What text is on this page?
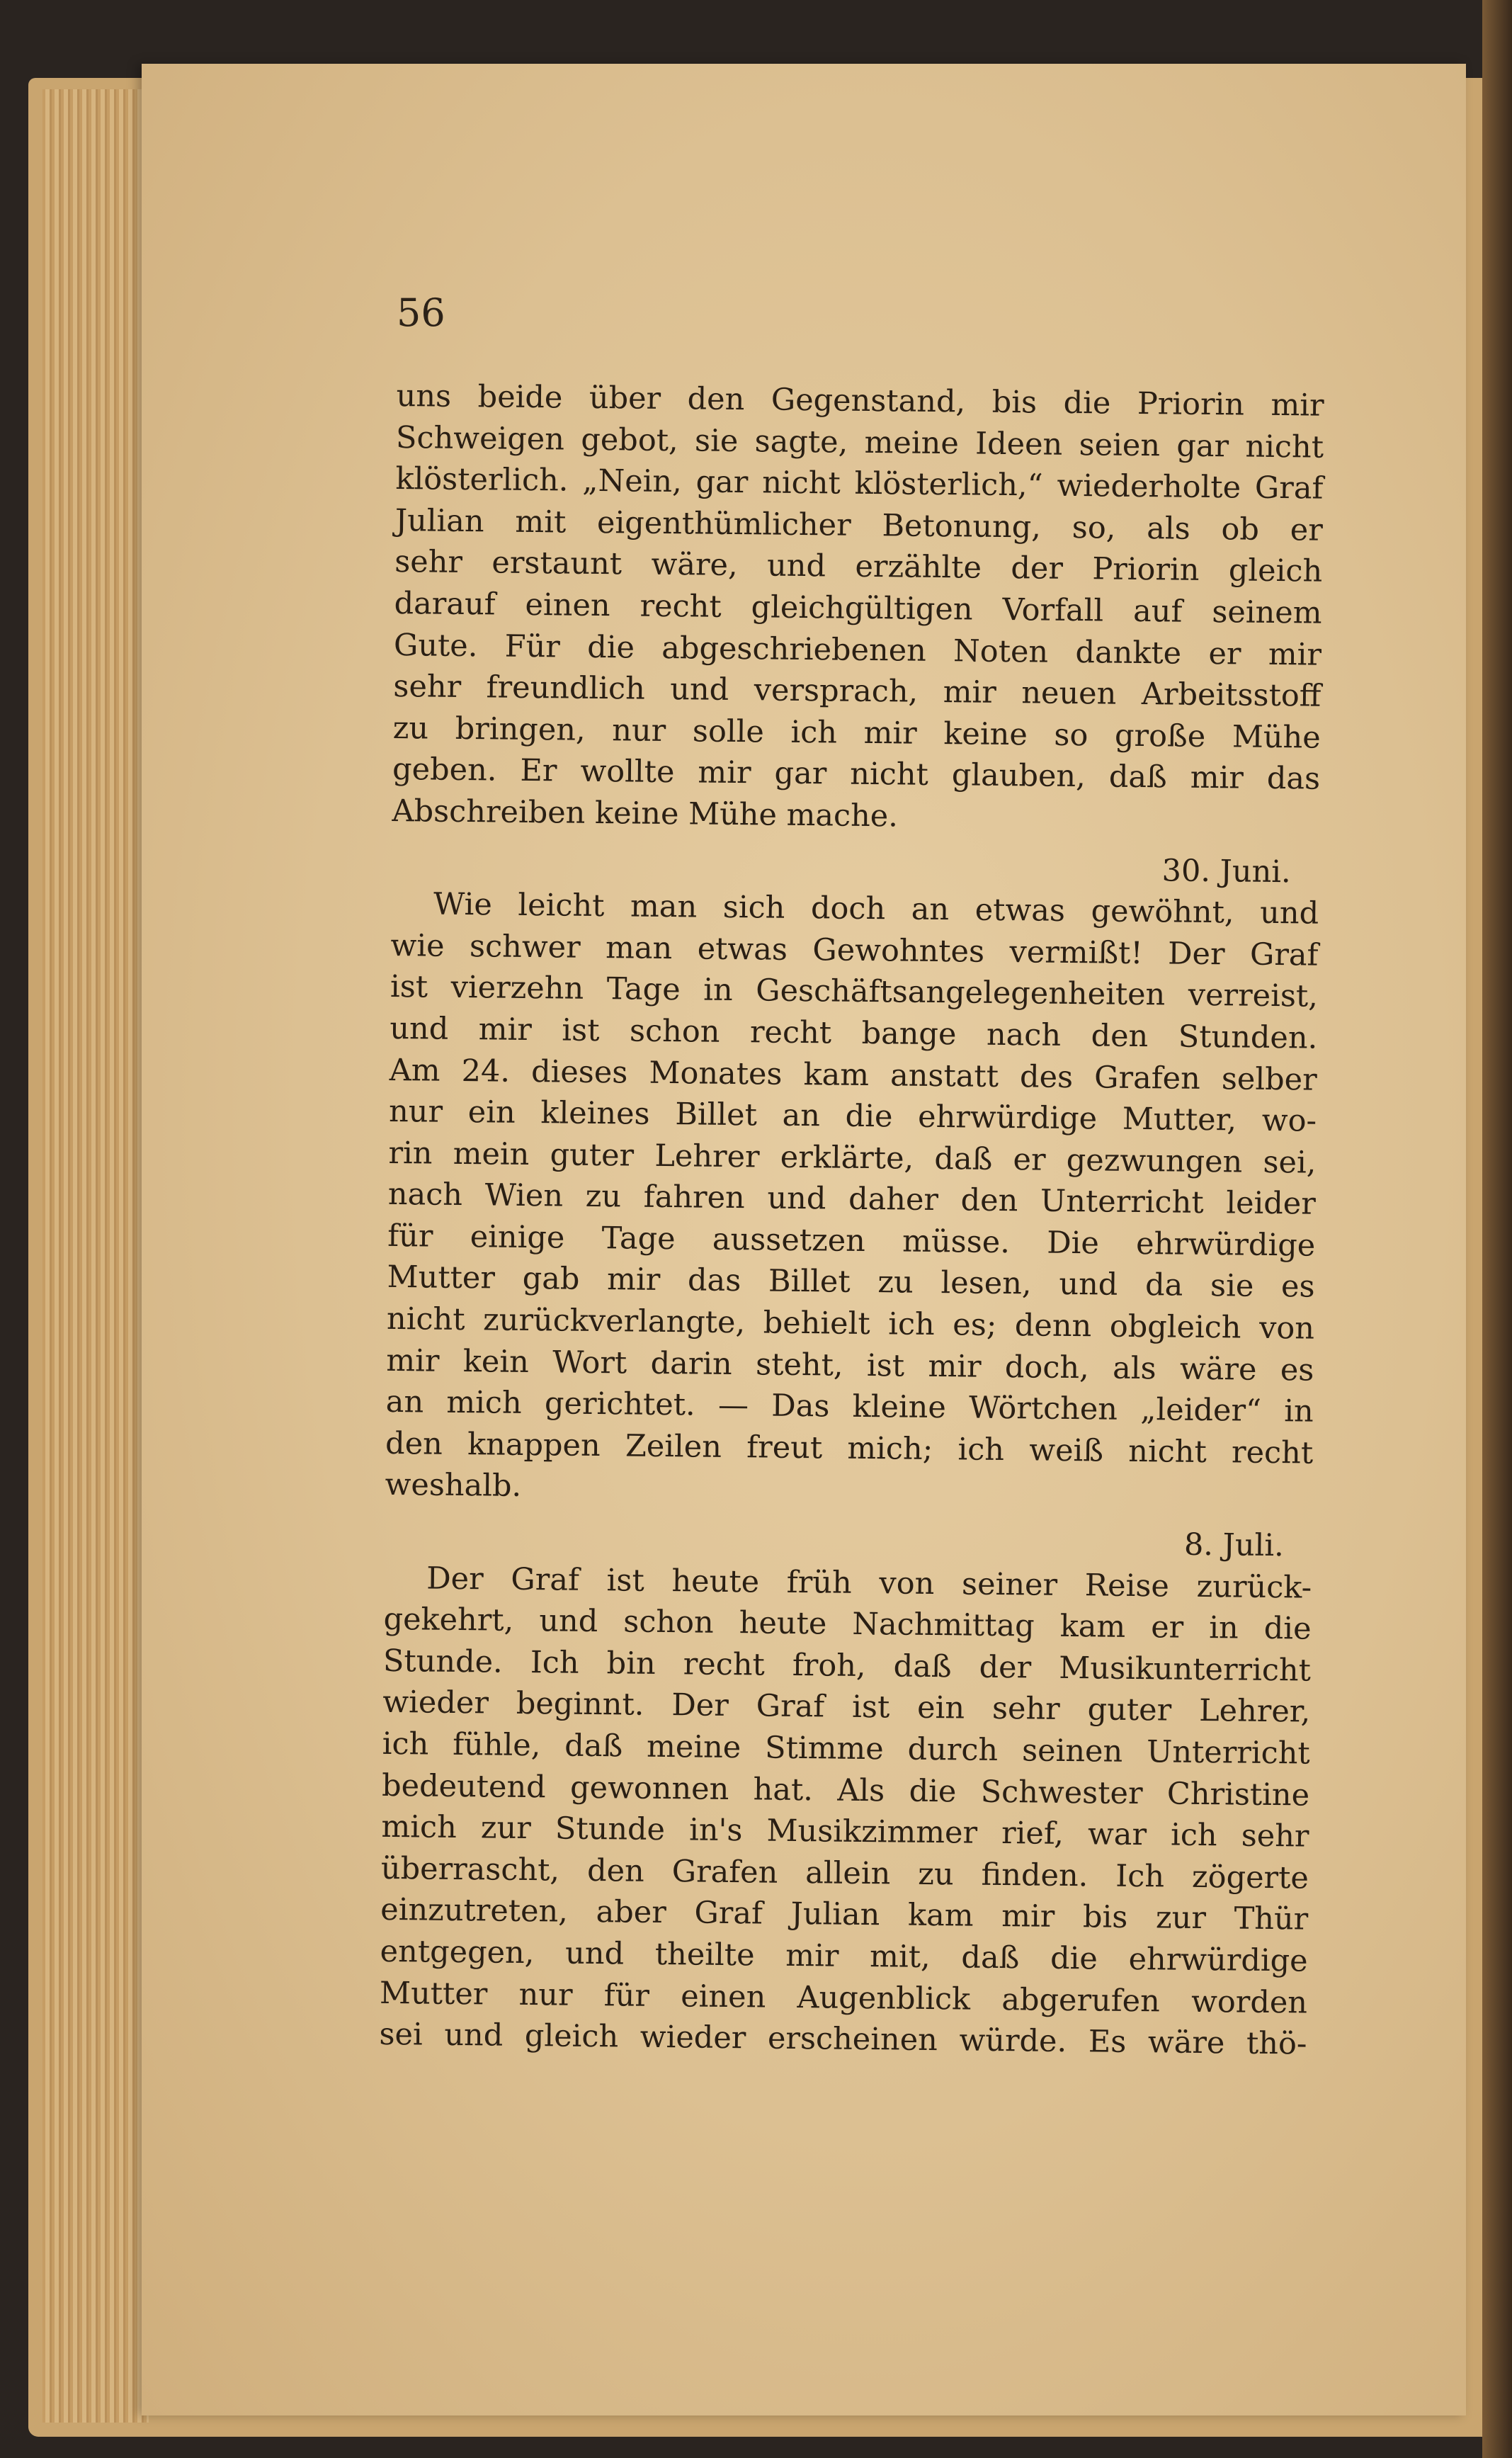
56
uns beide über den Gegenstand, bis die Priorin mir
Schweigen gebot, sie sagte, meine Ideen seien gar nicht
klösterlich. „Nein, gar nicht klösterlich,“ wiederholte Graf
Julian mit eigenthümlicher Betonung, so, als ob er
sehr erstaunt wäre, und erzählte der Priorin gleich
darauf einen recht gleichgültigen Vorfall auf seinem
Gute. Für die abgeschriebenen Noten dankte er mir
sehr freundlich und versprach, mir neuen Arbeitsstoff
zu bringen, nur solle ich mir keine so große Mühe
geben. Er wollte mir gar nicht glauben, daß mir das
Abschreiben keine Mühe mache.
30. Juni.
Wie leicht man sich doch an etwas gewöhnt, und
wie schwer man etwas Gewohntes vermißt! Der Graf
ist vierzehn Tage in Geschäftsangelegenheiten verreist,
und mir ist schon recht bange nach den Stunden.
Am 24. dieses Monates kam anstatt des Grafen selber
nur ein kleines Billet an die ehrwürdige Mutter, wo-
rin mein guter Lehrer erklärte, daß er gezwungen sei,
nach Wien zu fahren und daher den Unterricht leider
für einige Tage aussetzen müsse. Die ehrwürdige
Mutter gab mir das Billet zu lesen, und da sie es
nicht zurückverlangte, behielt ich es; denn obgleich von
mir kein Wort darin steht, ist mir doch, als wäre es
an mich gerichtet. — Das kleine Wörtchen „leider“ in
den knappen Zeilen freut mich; ich weiß nicht recht
weshalb.
8. Juli.
Der Graf ist heute früh von seiner Reise zurück-
gekehrt, und schon heute Nachmittag kam er in die
Stunde. Ich bin recht froh, daß der Musikunterricht
wieder beginnt. Der Graf ist ein sehr guter Lehrer,
ich fühle, daß meine Stimme durch seinen Unterricht
bedeutend gewonnen hat. Als die Schwester Christine
mich zur Stunde in's Musikzimmer rief, war ich sehr
überrascht, den Grafen allein zu finden. Ich zögerte
einzutreten, aber Graf Julian kam mir bis zur Thür
entgegen, und theilte mir mit, daß die ehrwürdige
Mutter nur für einen Augenblick abgerufen worden
sei und gleich wieder erscheinen würde. Es wäre thö-
